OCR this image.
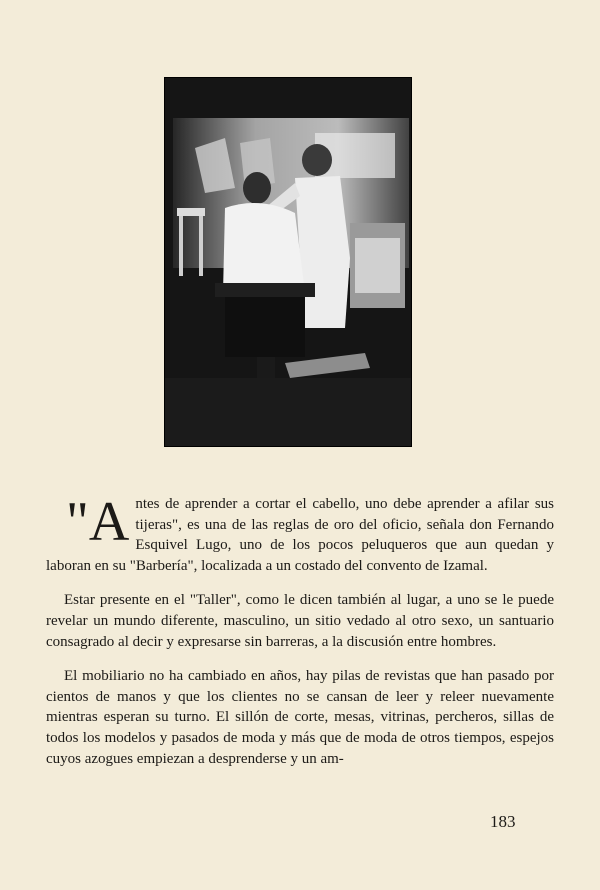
"Antes de aprender a cortar el cabello, uno debe aprender a afilar sus tijeras", es una de las reglas de oro del oficio, señala don Fernando Esquivel Lugo, uno de los pocos peluqueros que aun quedan y laboran en su "Barbería", localizada a un costado del convento de Izamal.

Estar presente en el "Taller", como le dicen también al lugar, a uno se le puede revelar un mundo diferente, masculino, un sitio vedado al otro sexo, un santuario consagrado al decir y expresarse sin barreras, a la discusión entre hombres.

El mobiliario no ha cambiado en años, hay pilas de revistas que han pasado por cientos de manos y que los clientes no se cansan de leer y releer nuevamente mientras esperan su turno. El sillón de corte, mesas, vitrinas, percheros, sillas de todos los modelos y pasados de moda y más que de moda de otros tiempos, espejos cuyos azogues empiezan a desprenderse y un am-

183
